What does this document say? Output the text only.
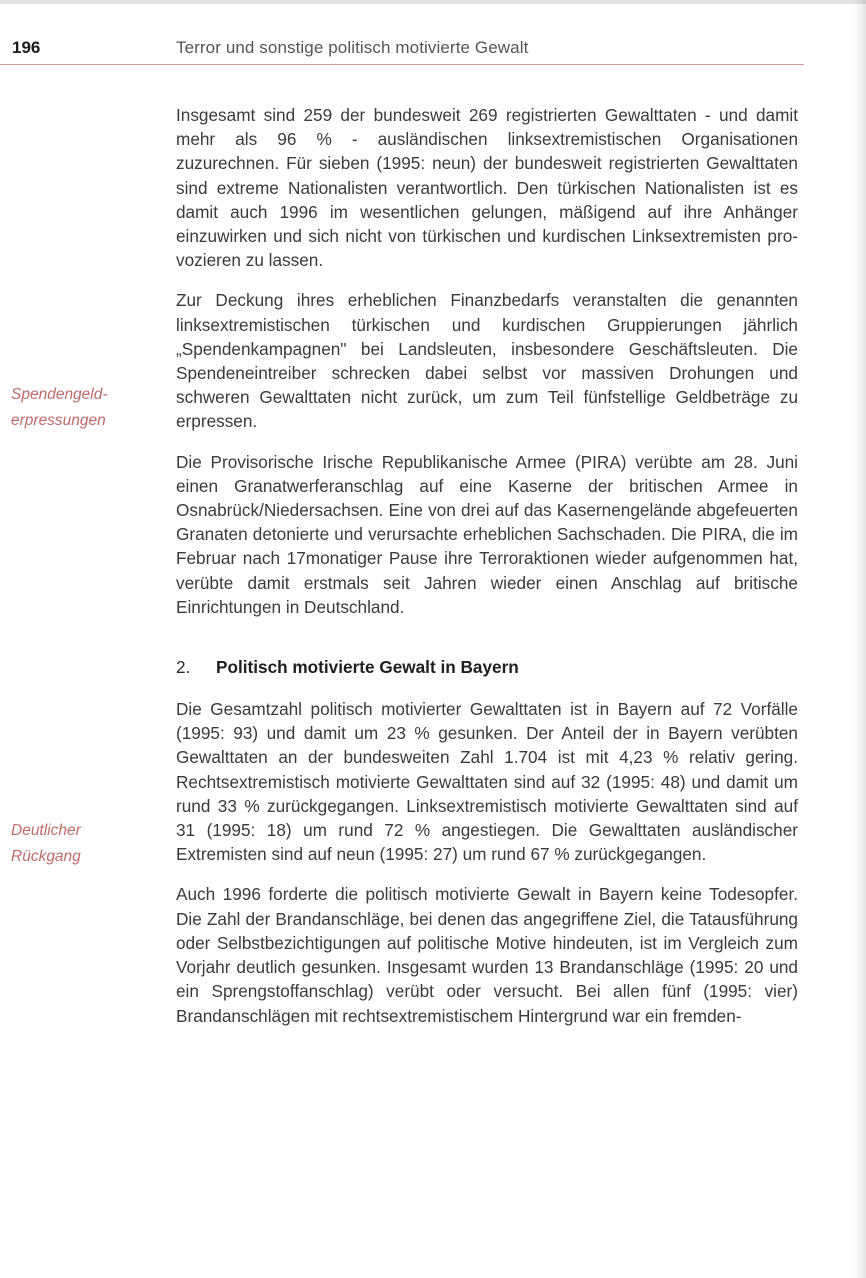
196	Terror und sonstige politisch motivierte Gewalt
Spendengeld-
erpressungen
Deutlicher
Rückgang

Insgesamt sind 259 der bundesweit 269 registrierten Gewalttaten - und damit mehr als 96 % - ausländischen linksextremistischen Organisationen zuzurechnen. Für sieben (1995: neun) der bundesweit registrierten Gewalttaten sind extreme Nationalisten verantwortlich. Den türkischen Nationalisten ist es damit auch 1996 im wesentlichen gelungen, mäßigend auf ihre Anhänger einzuwirken und sich nicht von türkischen und kurdischen Linksextremisten provozieren zu lassen.

Zur Deckung ihres erheblichen Finanzbedarfs veranstalten die genannten linksextremistischen türkischen und kurdischen Gruppierungen jährlich „Spendenkampagnen" bei Landsleuten, insbesondere Geschäftsleuten. Die Spendeneintreiber schrecken dabei selbst vor massiven Drohungen und schweren Gewalttaten nicht zurück, um zum Teil fünfstellige Geldbeträge zu erpressen.

Die Provisorische Irische Republikanische Armee (PIRA) verübte am 28. Juni einen Granatwerferanschlag auf eine Kaserne der britischen Armee in Osnabrück/Niedersachsen. Eine von drei auf das Kasernengelände abgefeuerten Granaten detonierte und verursachte erheblichen Sachschaden. Die PIRA, die im Februar nach 17monatiger Pause ihre Terroraktionen wieder aufgenommen hat, verübte damit erstmals seit Jahren wieder einen Anschlag auf britische Einrichtungen in Deutschland.

2. Politisch motivierte Gewalt in Bayern

Die Gesamtzahl politisch motivierter Gewalttaten ist in Bayern auf 72 Vorfälle (1995: 93) und damit um 23 % gesunken. Der Anteil der in Bayern verübten Gewalttaten an der bundesweiten Zahl 1.704 ist mit 4,23 % relativ gering. Rechtsextremistisch motivierte Gewalttaten sind auf 32 (1995: 48) und damit um rund 33 % zurückgegangen. Linksextremistisch motivierte Gewalttaten sind auf 31 (1995: 18) um rund 72 % angestiegen. Die Gewalttaten ausländischer Extremisten sind auf neun (1995: 27) um rund 67 % zurückgegangen.

Auch 1996 forderte die politisch motivierte Gewalt in Bayern keine Todesopfer. Die Zahl der Brandanschläge, bei denen das angegriffene Ziel, die Tatausführung oder Selbstbezichtigungen auf politische Motive hindeuten, ist im Vergleich zum Vorjahr deutlich gesunken. Insgesamt wurden 13 Brandanschläge (1995: 20 und ein Sprengstoffanschlag) verübt oder versucht. Bei allen fünf (1995: vier) Brandanschlägen mit rechtsextremistischem Hintergrund war ein fremden-
